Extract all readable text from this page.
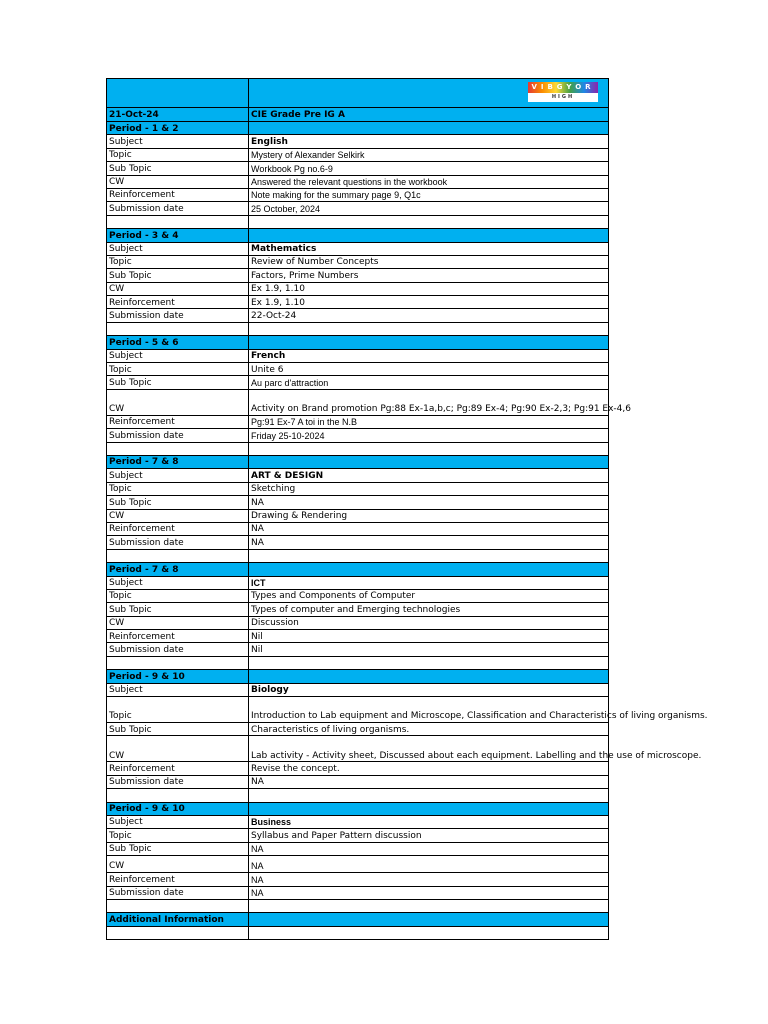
	VIBGYOR
HIGH

21-Oct-24	CIE Grade Pre IG A
Period - 1 & 2	
Subject	English
Topic	Mystery of Alexander Selkirk
Sub Topic	Workbook Pg no.6-9
CW	Answered the relevant questions in the workbook
Reinforcement	Note making for the summary page 9, Q1c
Submission date	25 October, 2024

Period - 3 & 4	
Subject	Mathematics
Topic	Review of Number Concepts
Sub Topic	Factors, Prime Numbers
CW	Ex 1.9, 1.10
Reinforcement	Ex 1.9, 1.10
Submission date	22-Oct-24

Period - 5 & 6	
Subject	French
Topic	Unite 6
Sub Topic	Au parc d'attraction
CW	Activity on Brand promotion Pg:88 Ex-1a,b,c; Pg:89 Ex-4; Pg:90 Ex-2,3; Pg:91 Ex-4,6
Reinforcement	Pg:91 Ex-7 A toi in the N.B
Submission date	Friday 25-10-2024

Period - 7 & 8	
Subject	ART & DESIGN
Topic	Sketching
Sub Topic	NA
CW	Drawing & Rendering
Reinforcement	NA
Submission date	NA

Period - 7 & 8	
Subject	ICT
Topic	Types and Components of Computer
Sub Topic	Types of computer and Emerging technologies
CW	Discussion
Reinforcement	Nil
Submission date	Nil

Period - 9 & 10	
Subject	Biology
Topic	Introduction to Lab equipment and Microscope, Classification and Characteristics of living organisms.
Sub Topic	Characteristics of living organisms.
CW	Lab activity - Activity sheet, Discussed about each equipment. Labelling and the use of microscope.
Reinforcement	Revise the concept.
Submission date	NA

Period - 9 & 10	
Subject	Business
Topic	Syllabus and Paper Pattern discussion
Sub Topic	NA
CW	NA
Reinforcement	NA
Submission date	NA

Additional Information	
